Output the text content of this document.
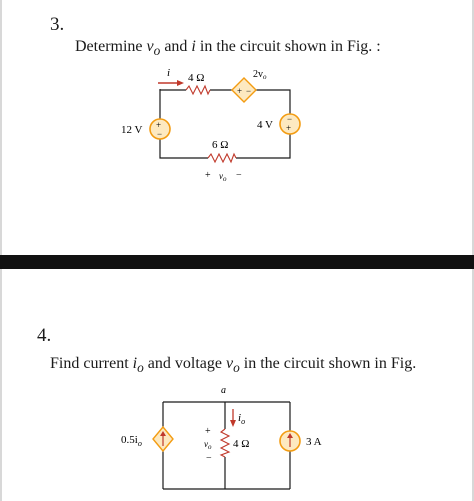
3.
Determine $v_o$ and i in the circuit shown in Fig. :
i 4 Ω
+ −
$2v_o$
+
−
12 V
−
+
4 V
6 Ω
+ $v_o$ −
4.
Find current $i_o$ and voltage $v_o$ in the circuit shown in Fig.
a
$i_o$
$0.5i_o$	4 Ω
+
$v_o$
−
3 A
